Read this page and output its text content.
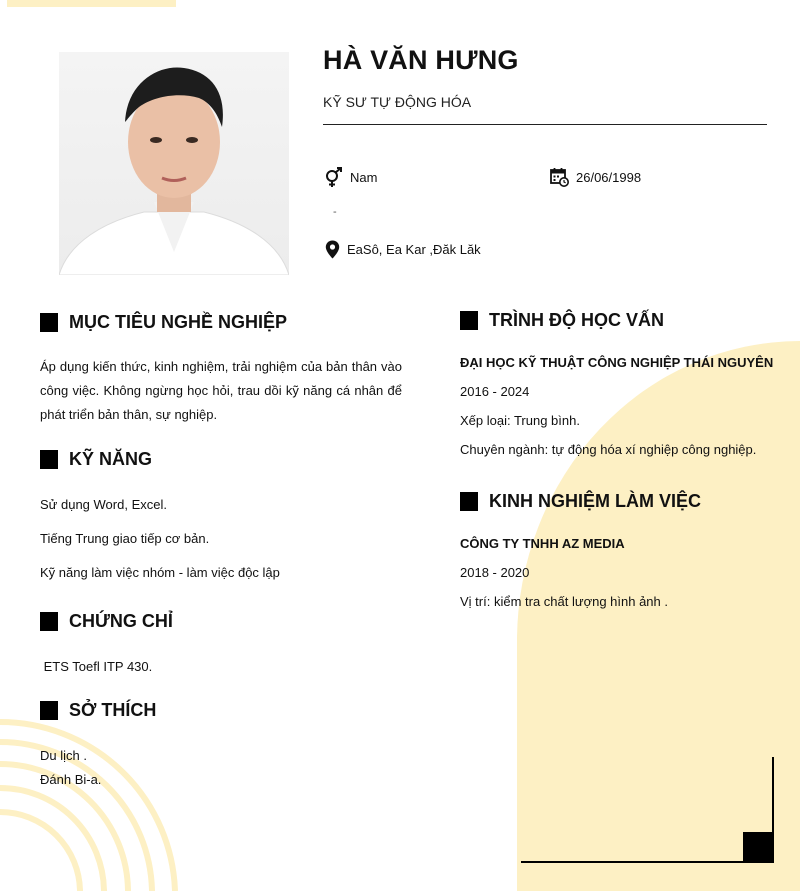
HÀ VĂN HƯNG
KỸ SƯ TỰ ĐỘNG HÓA
Nam	26/06/1998
-
EaSô, Ea Kar ,Đăk Lăk
MỤC TIÊU NGHỀ NGHIỆP
Áp dụng kiến thức, kinh nghiệm, trải nghiệm của bản thân vào công việc. Không ngừng học hỏi, trau dồi kỹ năng cá nhân để phát triển bản thân, sự nghiệp.
KỸ NĂNG
Sử dụng Word, Excel.
Tiếng Trung giao tiếp cơ bản.
Kỹ năng làm việc nhóm - làm việc độc lập
CHỨNG CHỈ
ETS Toefl ITP 430.
SỞ THÍCH
Du lịch .
Đánh Bi-a.
TRÌNH ĐỘ HỌC VẤN
ĐẠI HỌC KỸ THUẬT CÔNG NGHIỆP THÁI NGUYÊN
2016 - 2024
Xếp loại: Trung bình.
Chuyên ngành: tự động hóa xí nghiệp công nghiệp.
KINH NGHIỆM LÀM VIỆC
CÔNG TY TNHH AZ MEDIA
2018 - 2020
Vị trí: kiểm tra chất lượng hình ảnh .
